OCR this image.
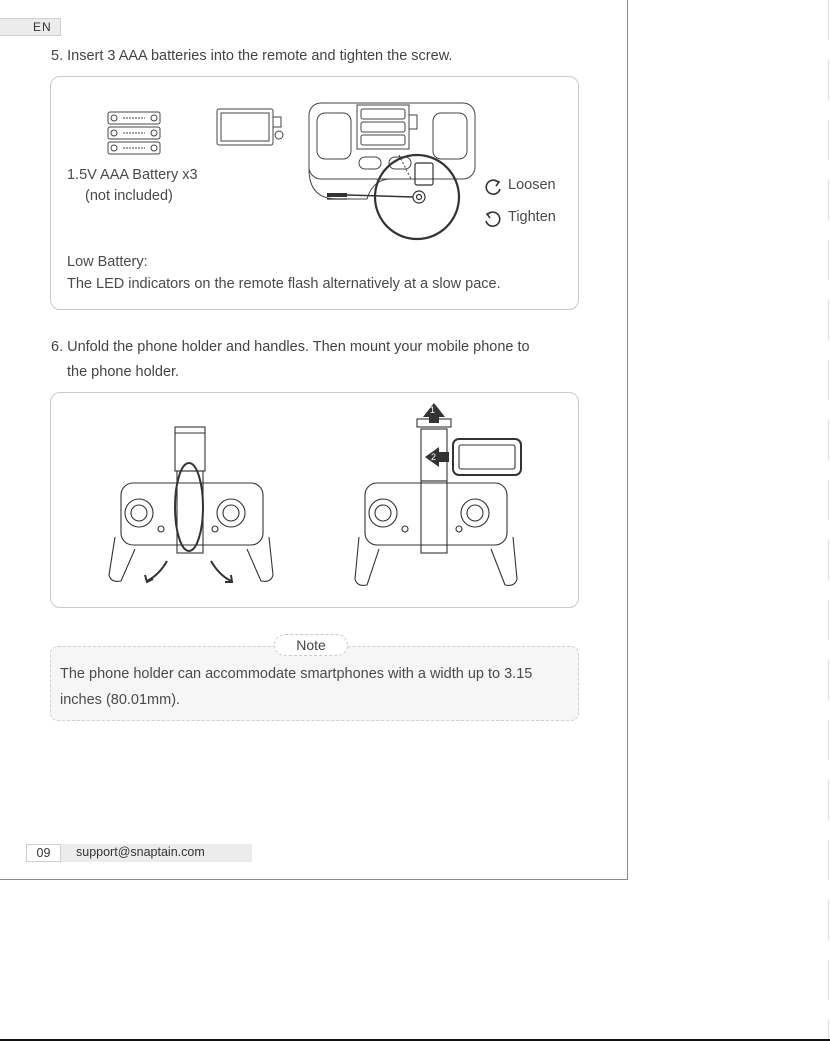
EN
5. Insert 3 AAA batteries into the remote and tighten the screw.
1.5V AAA Battery x3
(not included)
Loosen
Tighten
Low Battery:
The LED indicators on the remote flash alternatively at a slow pace.
6. Unfold the phone holder and handles. Then mount your mobile phone to
the phone holder.
1
2
Note
The phone holder can accommodate smartphones with a width up to 3.15 inches (80.01mm).
09	support@snaptain.com
